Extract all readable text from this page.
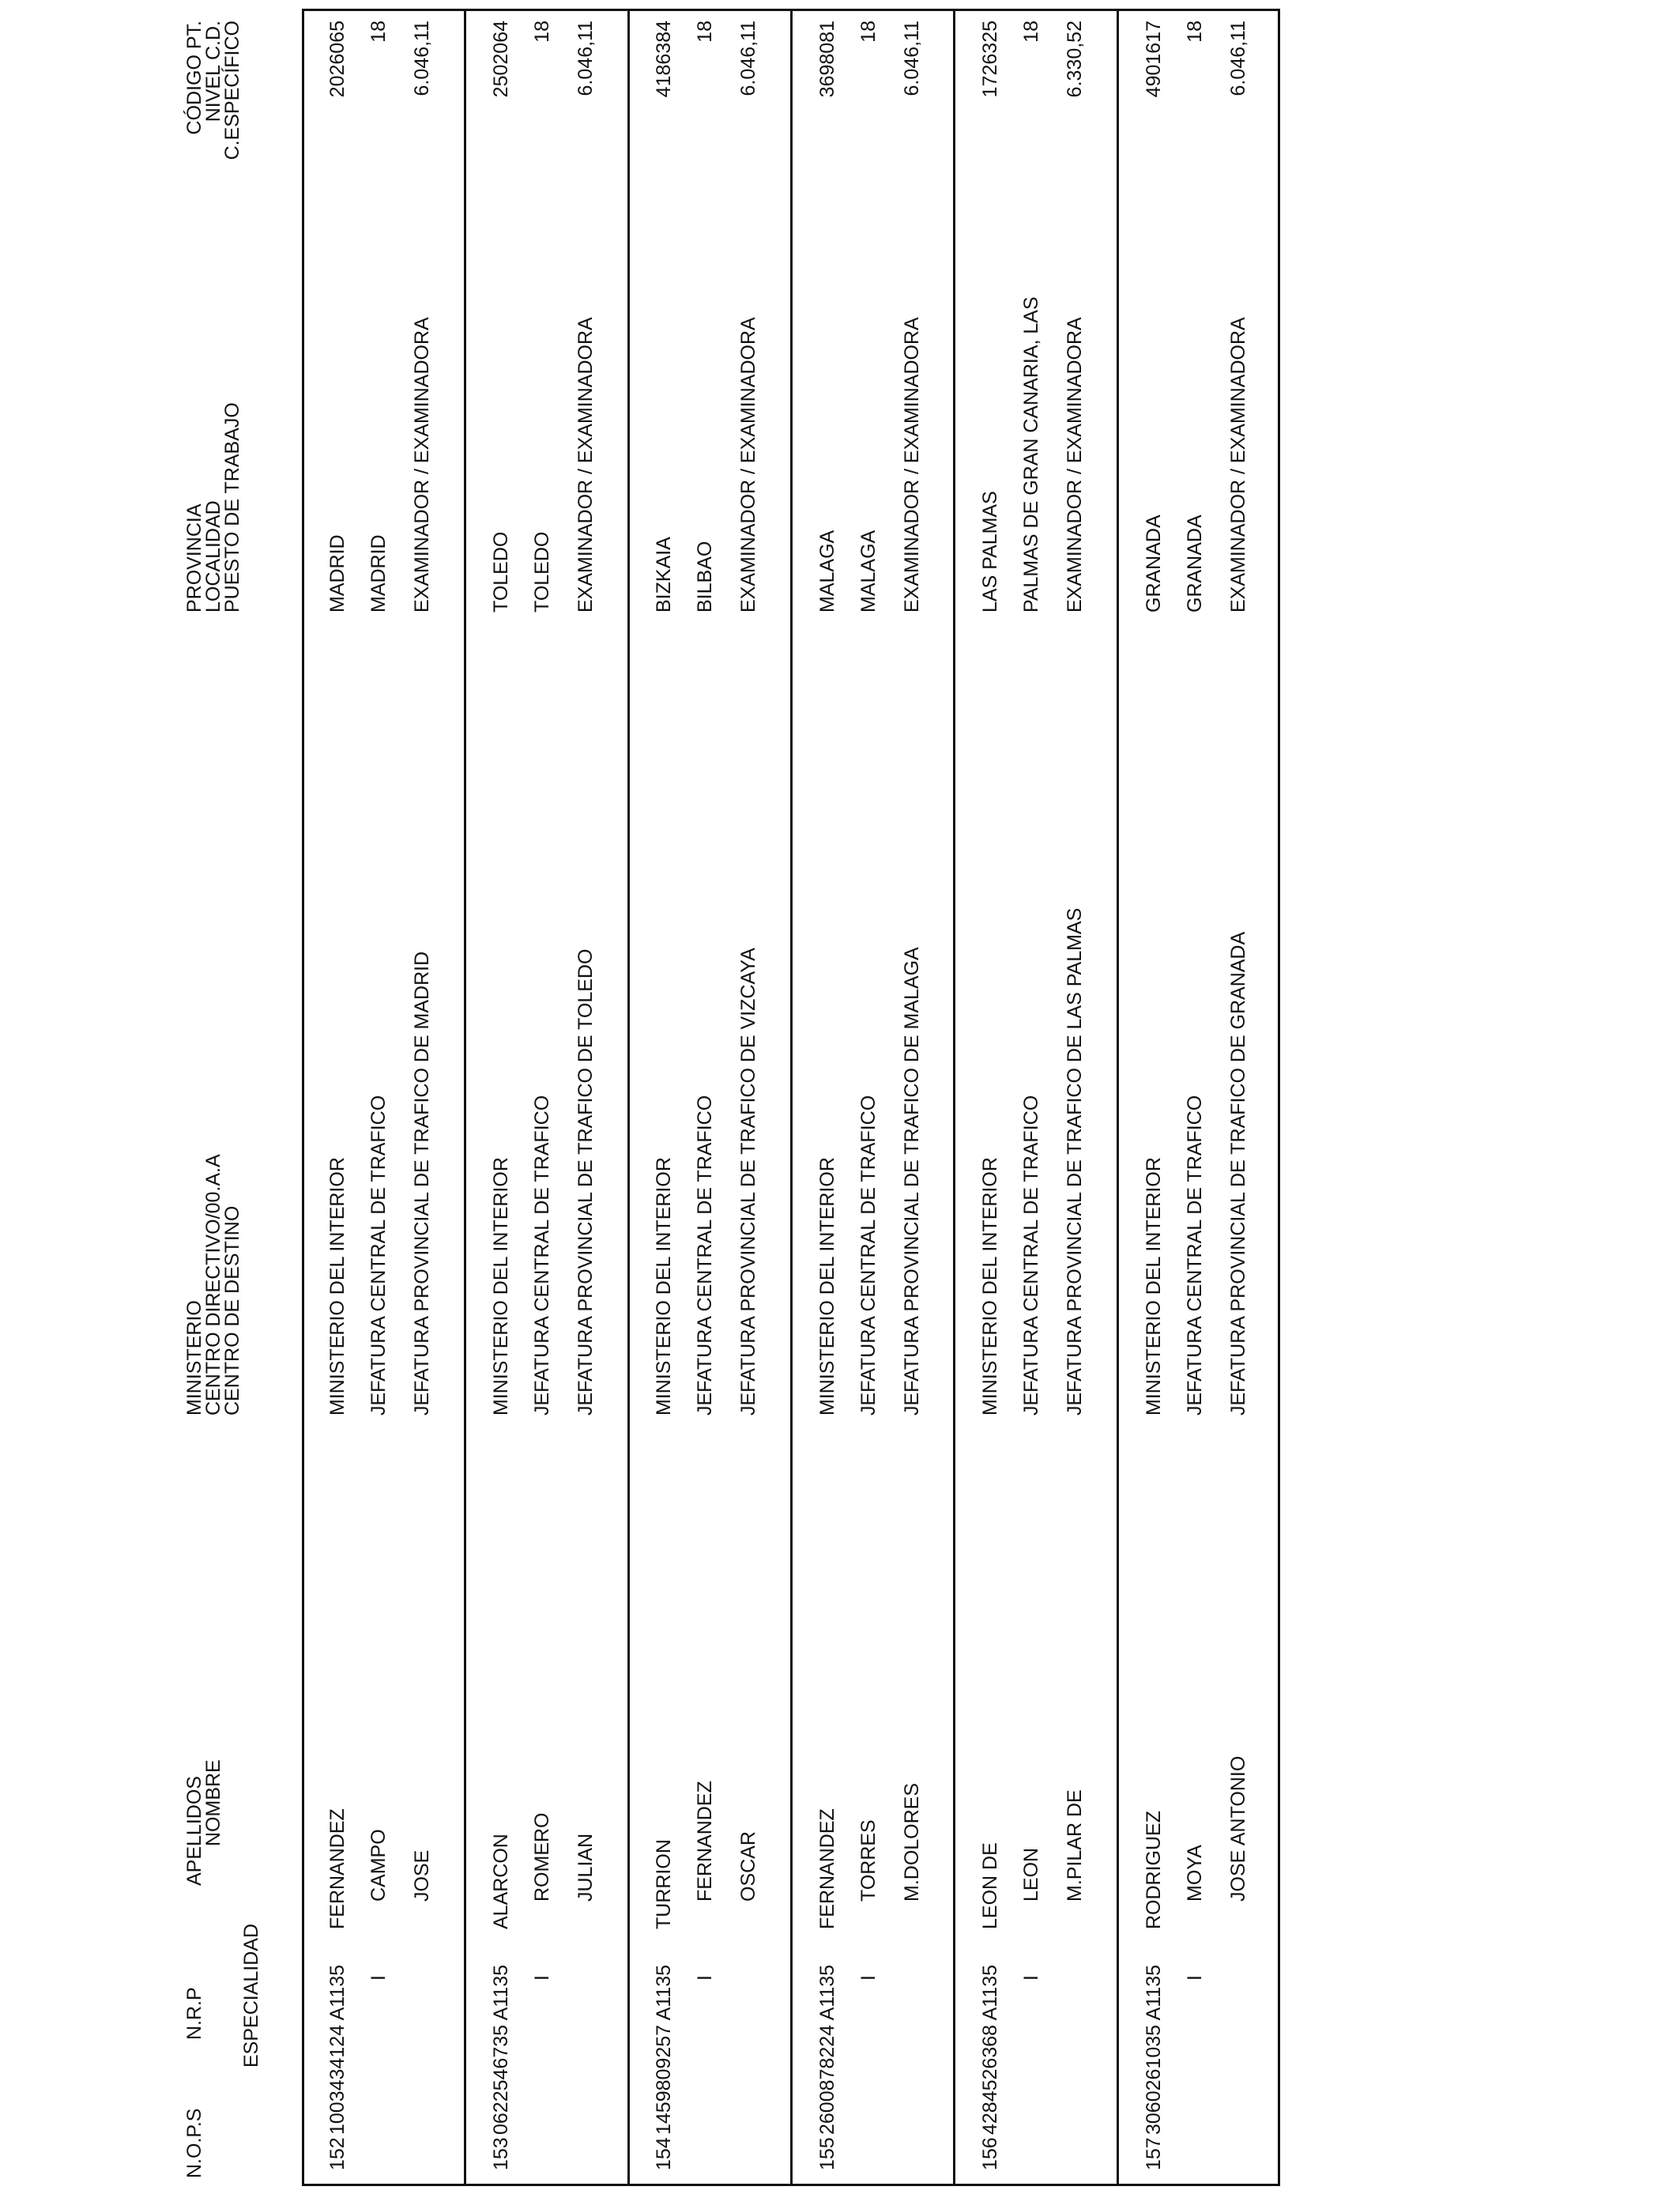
N.O.P.S
N.R.P ESPECIALIDAD
APELLIDOS
NOMBRE
MINISTERIO
CENTRO DIRECTIVO/00.A.A
CENTRO DE DESTINO
PROVINCIA
LOCALIDAD
PUESTO DE TRABAJO
CÓDIGO PT.
NIVEL C.D.
C.ESPECÍFICO
152
1003434124 A1135 I
FERNANDEZ CAMPO JOSE
MINISTERIO DEL INTERIOR JEFATURA CENTRAL DE TRAFICO JEFATURA PROVINCIAL DE TRAFICO DE MADRID
MADRID MADRID EXAMINADOR / EXAMINADORA
2026065 18 6.046,11
153
0622546735 A1135 I
ALARCON ROMERO JULIAN
MINISTERIO DEL INTERIOR JEFATURA CENTRAL DE TRAFICO JEFATURA PROVINCIAL DE TRAFICO DE TOLEDO
TOLEDO TOLEDO EXAMINADOR / EXAMINADORA
2502064 18 6.046,11
154
1459809257 A1135 I
TURRION FERNANDEZ OSCAR
MINISTERIO DEL INTERIOR JEFATURA CENTRAL DE TRAFICO JEFATURA PROVINCIAL DE TRAFICO DE VIZCAYA
BIZKAIA BILBAO EXAMINADOR / EXAMINADORA
4186384 18 6.046,11
155
2600878224 A1135 I
FERNANDEZ TORRES M.DOLORES
MINISTERIO DEL INTERIOR JEFATURA CENTRAL DE TRAFICO JEFATURA PROVINCIAL DE TRAFICO DE MALAGA
MALAGA MALAGA EXAMINADOR / EXAMINADORA
3698081 18 6.046,11
156
4284526368 A1135 I
LEON DE LEON M.PILAR DE
MINISTERIO DEL INTERIOR JEFATURA CENTRAL DE TRAFICO JEFATURA PROVINCIAL DE TRAFICO DE LAS PALMAS
LAS PALMAS PALMAS DE GRAN CANARIA, LAS EXAMINADOR / EXAMINADORA
1726325 18 6.330,52
157
3060261035 A1135 I
RODRIGUEZ MOYA JOSE ANTONIO
MINISTERIO DEL INTERIOR JEFATURA CENTRAL DE TRAFICO JEFATURA PROVINCIAL DE TRAFICO DE GRANADA
GRANADA GRANADA EXAMINADOR / EXAMINADORA
4901617 18 6.046,11
